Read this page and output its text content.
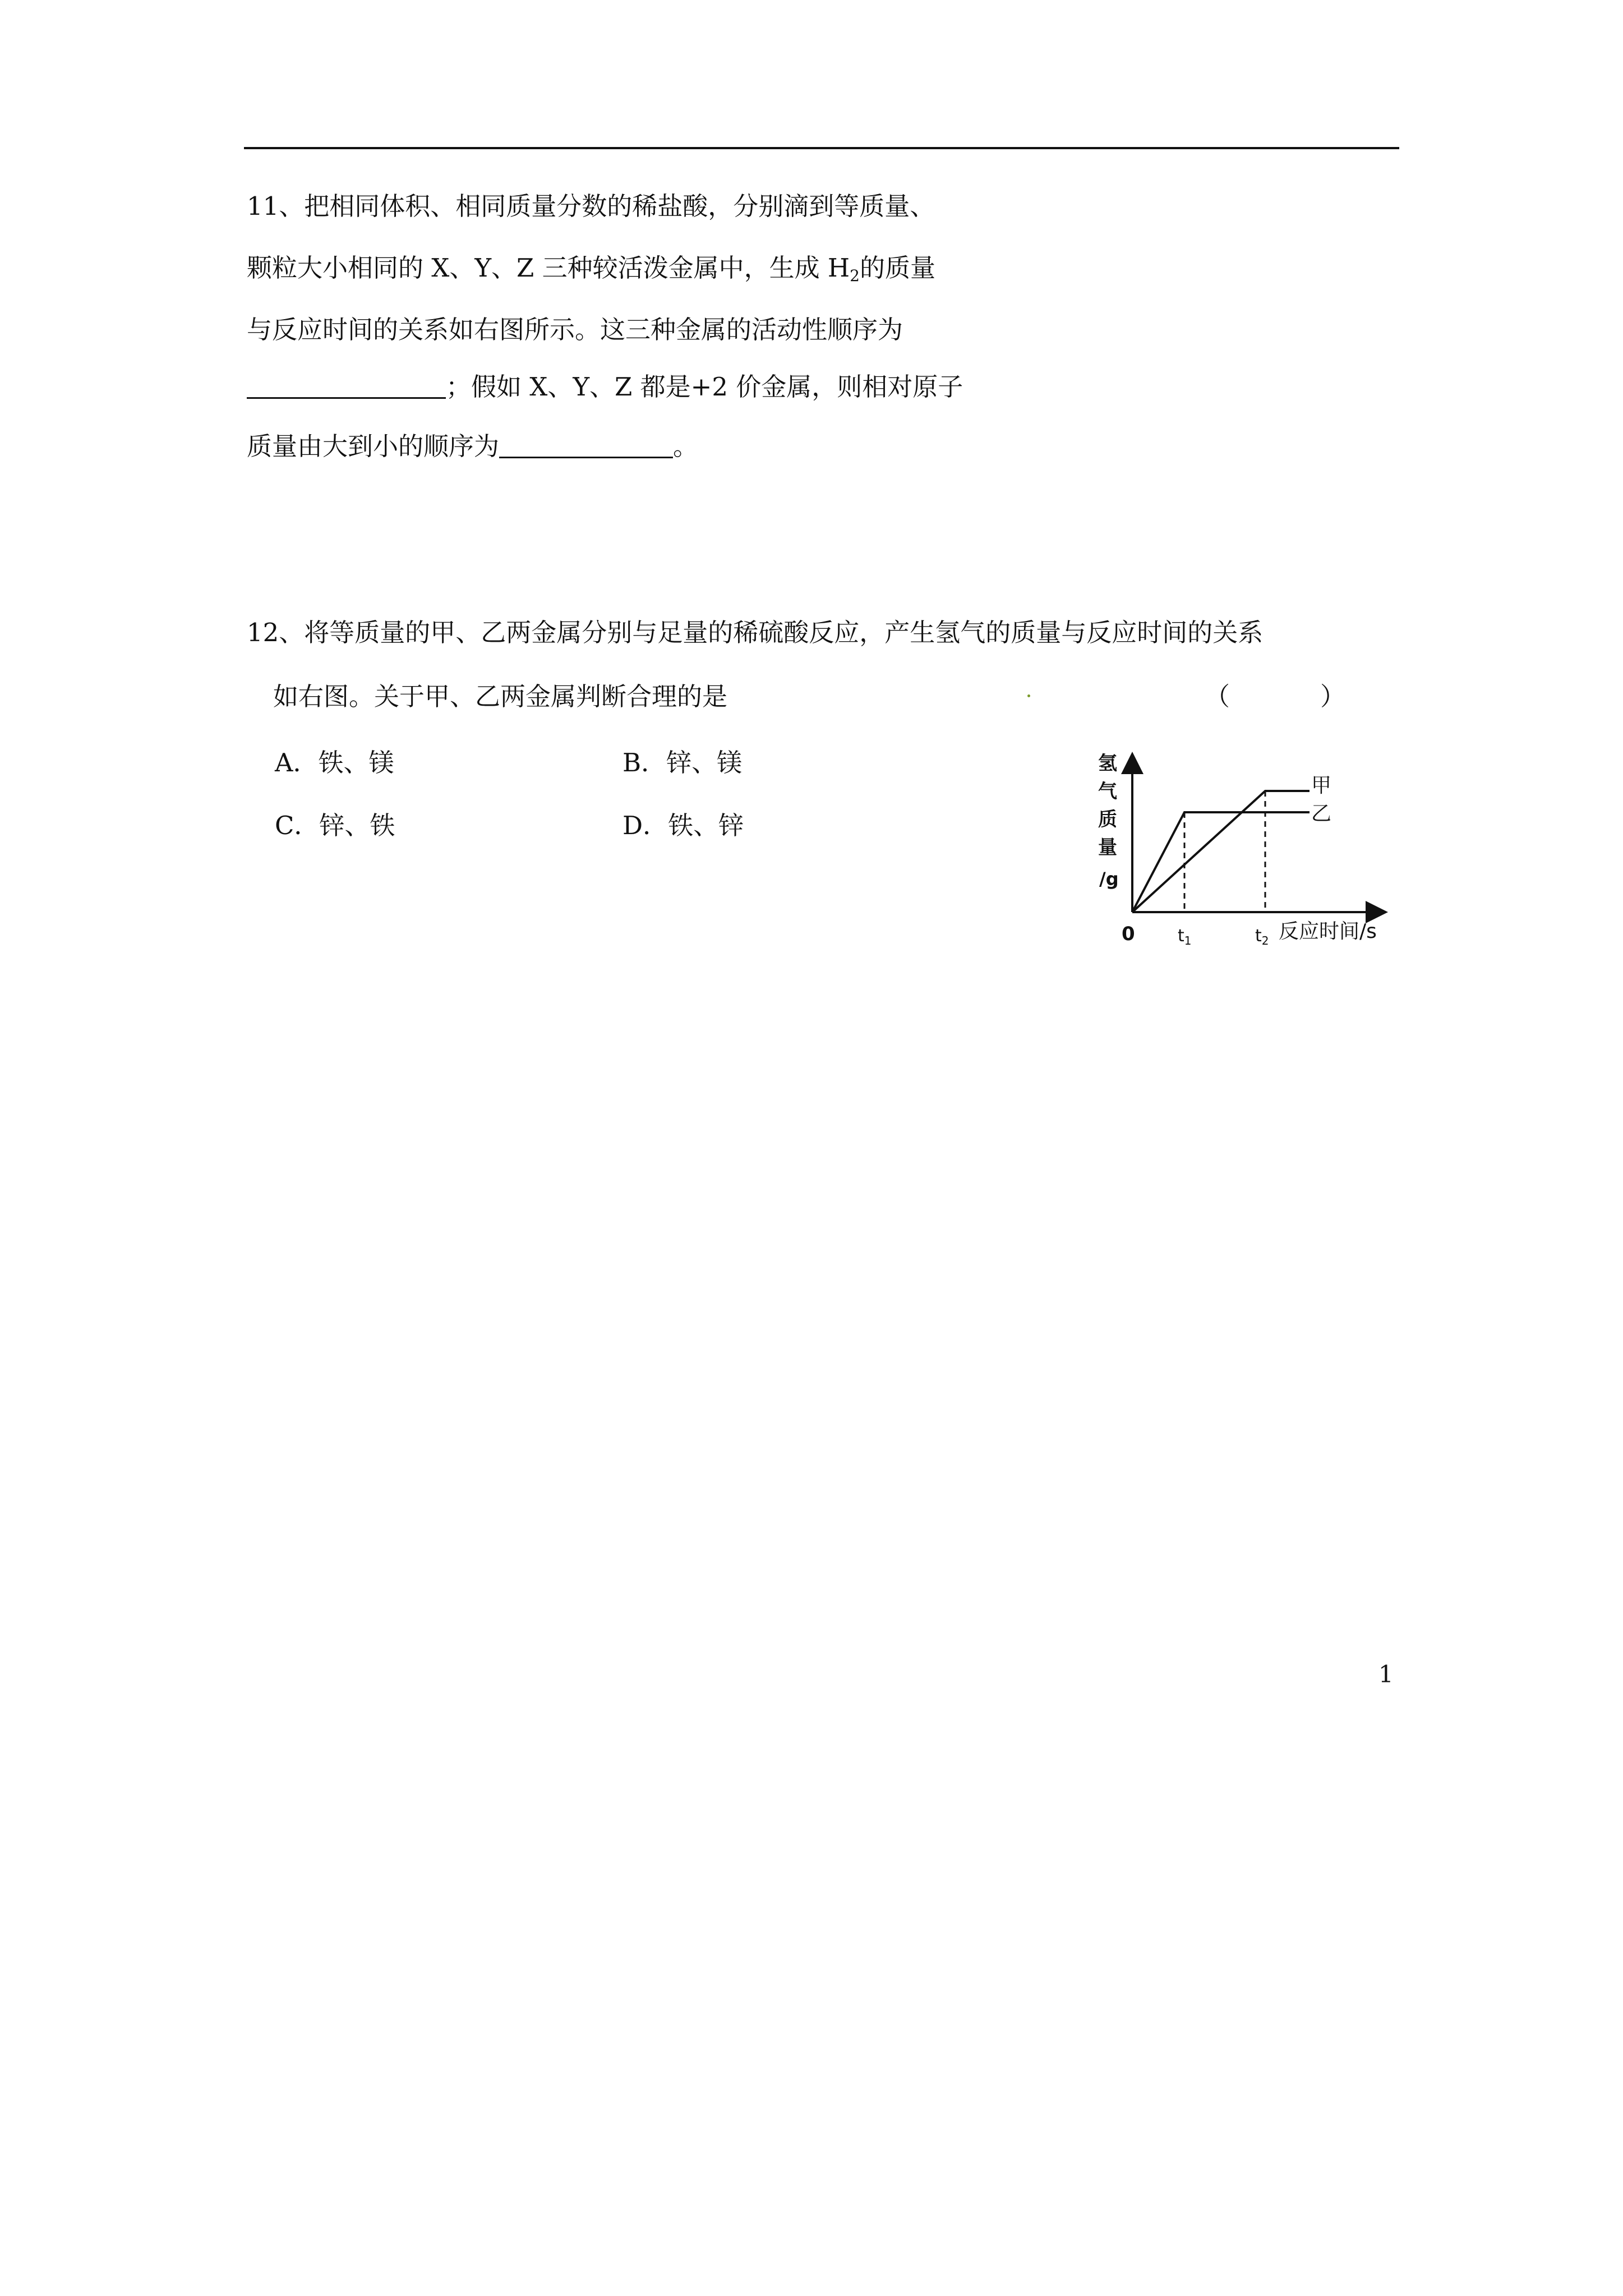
11、把相同体积、相同质量分数的稀盐酸，分别滴到等质量、
颗粒大小相同的 X、Y、Z 三种较活泼金属中，生成 $H_2$的质量
与反应时间的关系如右图所示。这三种金属的活动性顺序为
；假如 X、Y、Z 都是+2 价金属，则相对原子
质量由大到小的顺序为	。
12、将等质量的甲、乙两金属分别与足量的稀硫酸反应，产生氢气的质量与反应时间的关系
如右图。关于甲、乙两金属判断合理的是	（	）
A．铁、镁	B．锌、镁
C．锌、铁	D．铁、锌
氢
气
质
量
/g
甲
乙
0	$t_1$	$t_2$ 反应时间/s
1
